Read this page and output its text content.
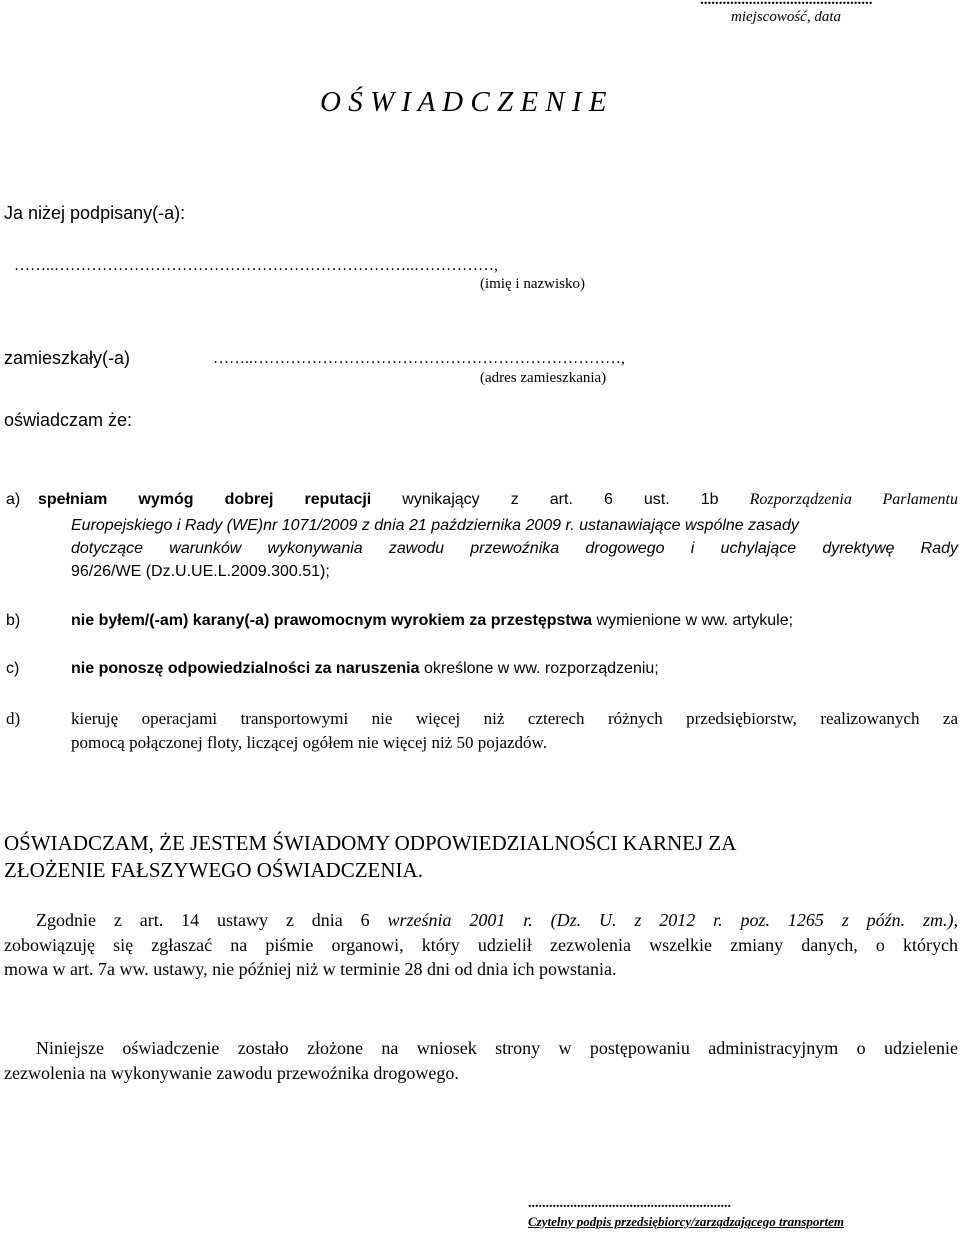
..............................................
miejscowość, data
O Ś W I A D C Z E N I E
Ja niżej podpisany(-a):
……..…………………………………………………………..……………,
(imię i nazwisko)
zamieszkały(-a)	……..……………………………………………………………,
(adres zamieszkania)
oświadczam że:
a) spełniam wymóg dobrej reputacji wynikający z art. 6 ust. 1b Rozporządzenia Parlamentu
Europejskiego i Rady (WE)nr 1071/2009 z dnia 21 października 2009 r. ustanawiające wspólne zasady
dotyczące warunków wykonywania zawodu przewoźnika drogowego i uchylające dyrektywę Rady
96/26/WE (Dz.U.UE.L.2009.300.51);
b)	nie byłem/(-am) karany(-a) prawomocnym wyrokiem za przestępstwa wymienione w ww. artykule;
c)	nie ponoszę odpowiedzialności za naruszenia określone w ww. rozporządzeniu;
d)	kieruję operacjami transportowymi nie więcej niż czterech różnych przedsiębiorstw, realizowanych za
pomocą połączonej floty, liczącej ogółem nie więcej niż 50 pojazdów.
OŚWIADCZAM, ŻE JESTEM ŚWIADOMY ODPOWIEDZIALNOŚCI KARNEJ ZA
ZŁOŻENIE FAŁSZYWEGO OŚWIADCZENIA.
Zgodnie z art. 14 ustawy z dnia 6 września 2001 r. (Dz. U. z 2012 r. poz. 1265 z późn. zm.),
zobowiązuję się zgłaszać na piśmie organowi, który udzielił zezwolenia wszelkie zmiany danych, o których
mowa w art. 7a ww. ustawy, nie później niż w terminie 28 dni od dnia ich powstania.
Niniejsze oświadczenie zostało złożone na wniosek strony w postępowaniu administracyjnym o udzielenie
zezwolenia na wykonywanie zawodu przewoźnika drogowego.
..........................................................
Czytelny podpis przedsiębiorcy/zarządzającego transportem
